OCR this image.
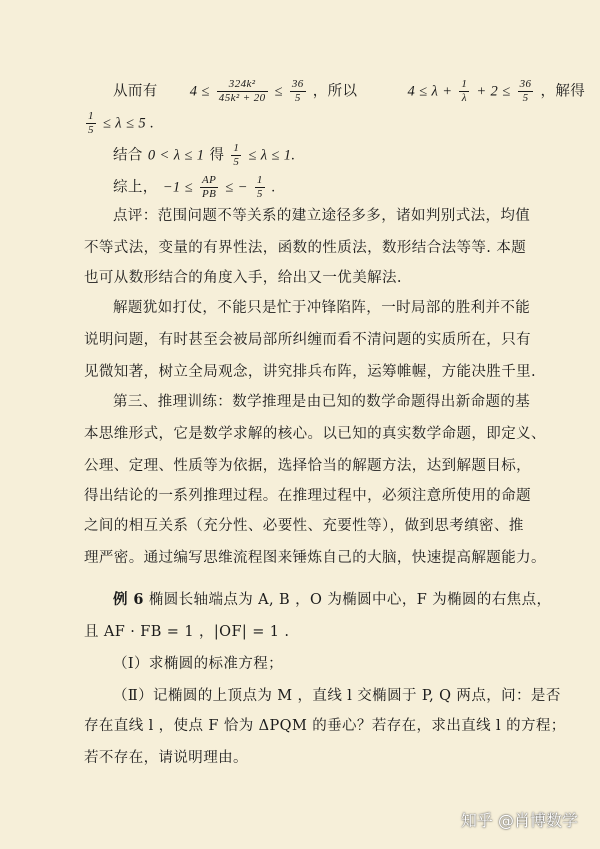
从而有 $4 \le \frac{\text{324k²}}{\text{45k² + 20}} \le \frac{36}{5}$ ，所以	$4 \le \lambda + \frac{1}{\lambda} + 2 \le \frac{36}{5}$ ，解得
$\frac{1}{5} \le \lambda \le 5$ .
结合 0 < λ ≤ 1 得 $\frac{1}{5} \le \lambda \le 1$.
综上， $-1 \le \frac{AP}{PB}$ ≤ − $\frac{1}{5}$ .
点评：范围问题不等关系的建立途径多多，诸如判别式法，均值
不等式法，变量的有界性法，函数的性质法，数形结合法等等. 本题
也可从数形结合的角度入手，给出又一优美解法.
解题犹如打仗，不能只是忙于冲锋陷阵，一时局部的胜利并不能
说明问题，有时甚至会被局部所纠缠而看不清问题的实质所在，只有
见微知著，树立全局观念，讲究排兵布阵，运筹帷幄，方能决胜千里.
第三、推理训练：数学推理是由已知的数学命题得出新命题的基
本思维形式，它是数学求解的核心。以已知的真实数学命题，即定义、
公理、定理、性质等为依据，选择恰当的解题方法，达到解题目标，
得出结论的一系列推理过程。在推理过程中，必须注意所使用的命题
之间的相互关系（充分性、必要性、充要性等），做到思考缜密、推
理严密。通过编写思维流程图来锤炼自己的大脑，快速提高解题能力。
例 6 椭圆长轴端点为 A, B ，O 为椭圆中心，F 为椭圆的右焦点，
且 AF · FB = 1 ，|OF| = 1 .
（Ⅰ）求椭圆的标准方程；
（Ⅱ）记椭圆的上顶点为 M ，直线 l 交椭圆于 P, Q 两点，问：是否
存在直线 l ，使点 F 恰为 ΔPQM 的垂心？若存在，求出直线 l 的方程；
若不存在，请说明理由。
知乎 @肖博数学
